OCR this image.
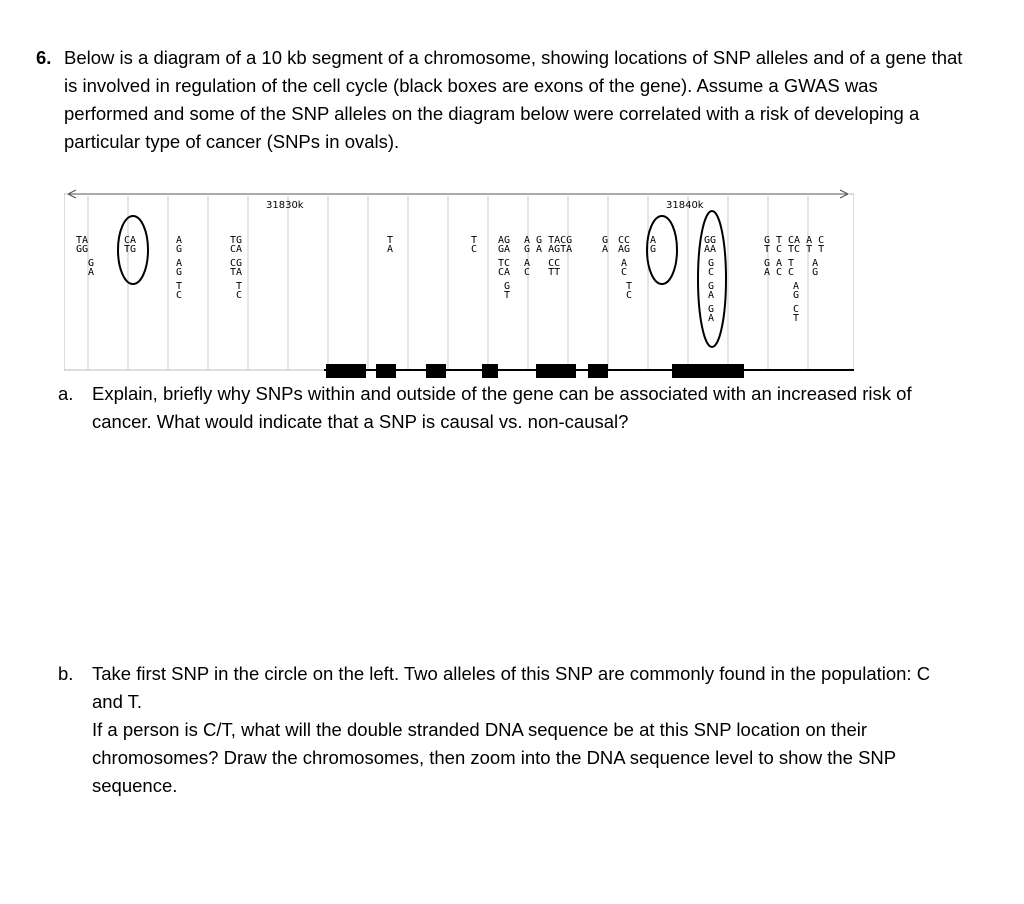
6. Below is a diagram of a 10 kb segment of a chromosome, showing locations of SNP alleles and of a gene that is involved in regulation of the cell cycle (black boxes are exons of the gene). Assume a GWAS was performed and some of the SNP alleles on the diagram below were correlated with a risk of developing a particular type of cancer (SNPs in ovals).
31830k	31840k
TA
GG
G
A
CA
TG
A
G
A
G
T
C
TG
CA
CG
TA
T
C
T
A
T
C
AG
GA
TC
CA
G
T
A G TACG
G A AGTA
A   CC
C   TT
G
A
CC
AG
A
C
T
C
A
G
GG
AA
G
C
G
A
G
A
G
T
G
A
T CA A C
C TC T T
A T   A
C C   G
A
G
C
T
a. Explain, briefly why SNPs within and outside of the gene can be associated with an increased risk of cancer. What would indicate that a SNP is causal vs. non-causal?
b. Take first SNP in the circle on the left. Two alleles of this SNP are commonly found in the population: C and T.
If a person is C/T, what will the double stranded DNA sequence be at this SNP location on their chromosomes? Draw the chromosomes, then zoom into the DNA sequence level to show the SNP sequence.
